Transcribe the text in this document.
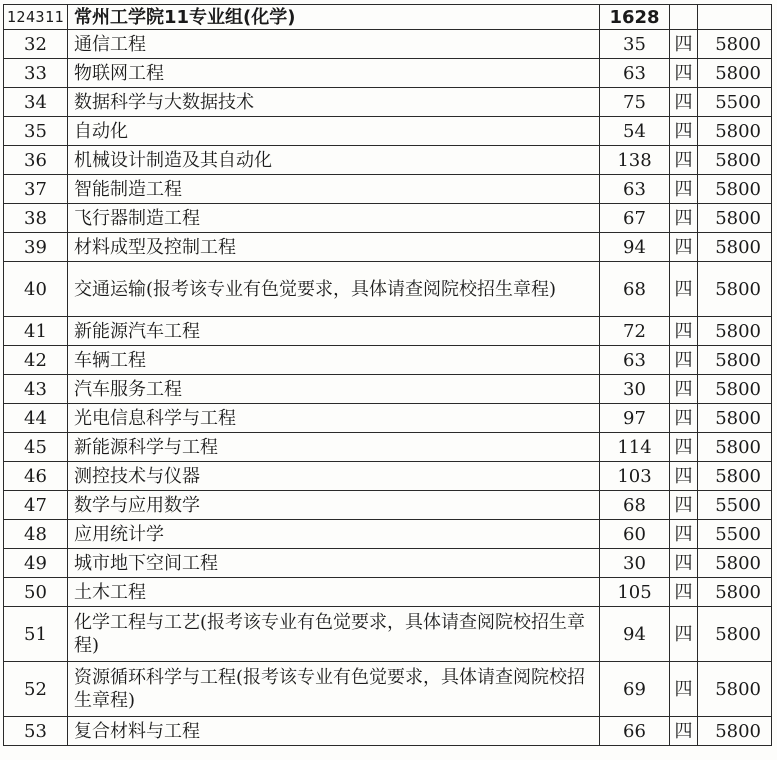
124311	常州工学院11专业组(化学)	1628		
32	通信工程	35	四	5800
33	物联网工程	63	四	5800
34	数据科学与大数据技术	75	四	5500
35	自动化	54	四	5800
36	机械设计制造及其自动化	138	四	5800
37	智能制造工程	63	四	5800
38	飞行器制造工程	67	四	5800
39	材料成型及控制工程	94	四	5800
40	交通运输(报考该专业有色觉要求，具体请查阅院校招生章程)	68	四	5800
41	新能源汽车工程	72	四	5800
42	车辆工程	63	四	5800
43	汽车服务工程	30	四	5800
44	光电信息科学与工程	97	四	5800
45	新能源科学与工程	114	四	5800
46	测控技术与仪器	103	四	5800
47	数学与应用数学	68	四	5500
48	应用统计学	60	四	5500
49	城市地下空间工程	30	四	5800
50	土木工程	105	四	5800
51	化学工程与工艺(报考该专业有色觉要求，具体请查阅院校招生章程)	94	四	5800
52	资源循环科学与工程(报考该专业有色觉要求，具体请查阅院校招生章程)	69	四	5800
53	复合材料与工程	66	四	5800
